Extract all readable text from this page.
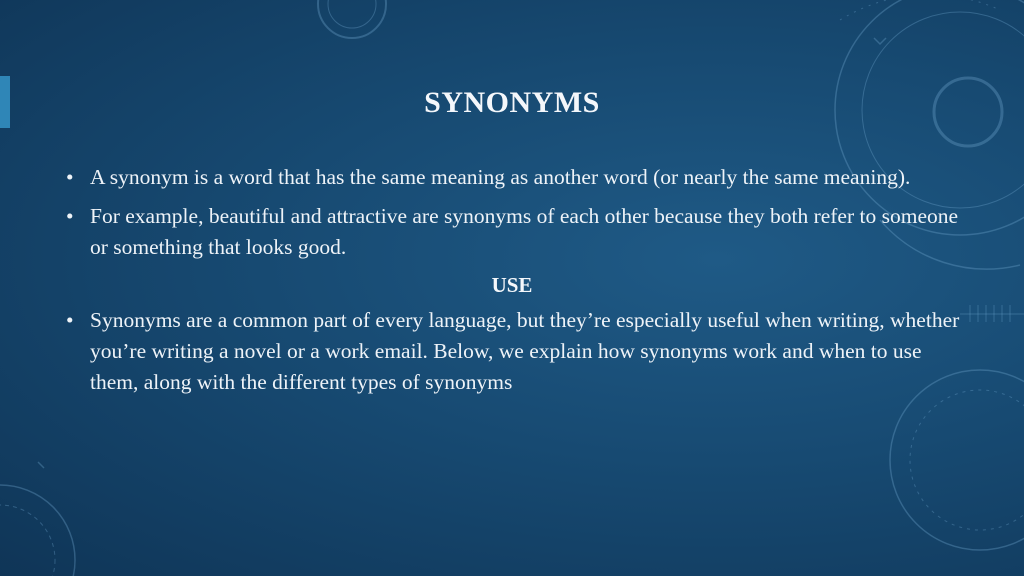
SYNONYMS
• A synonym is a word that has the same meaning as another word (or nearly the same meaning).
• For example, beautiful and attractive are synonyms of each other because they both refer to someone or something that looks good.
USE
• Synonyms are a common part of every language, but they’re especially useful when writing, whether you’re writing a novel or a work email. Below, we explain how synonyms work and when to use them, along with the different types of synonyms
